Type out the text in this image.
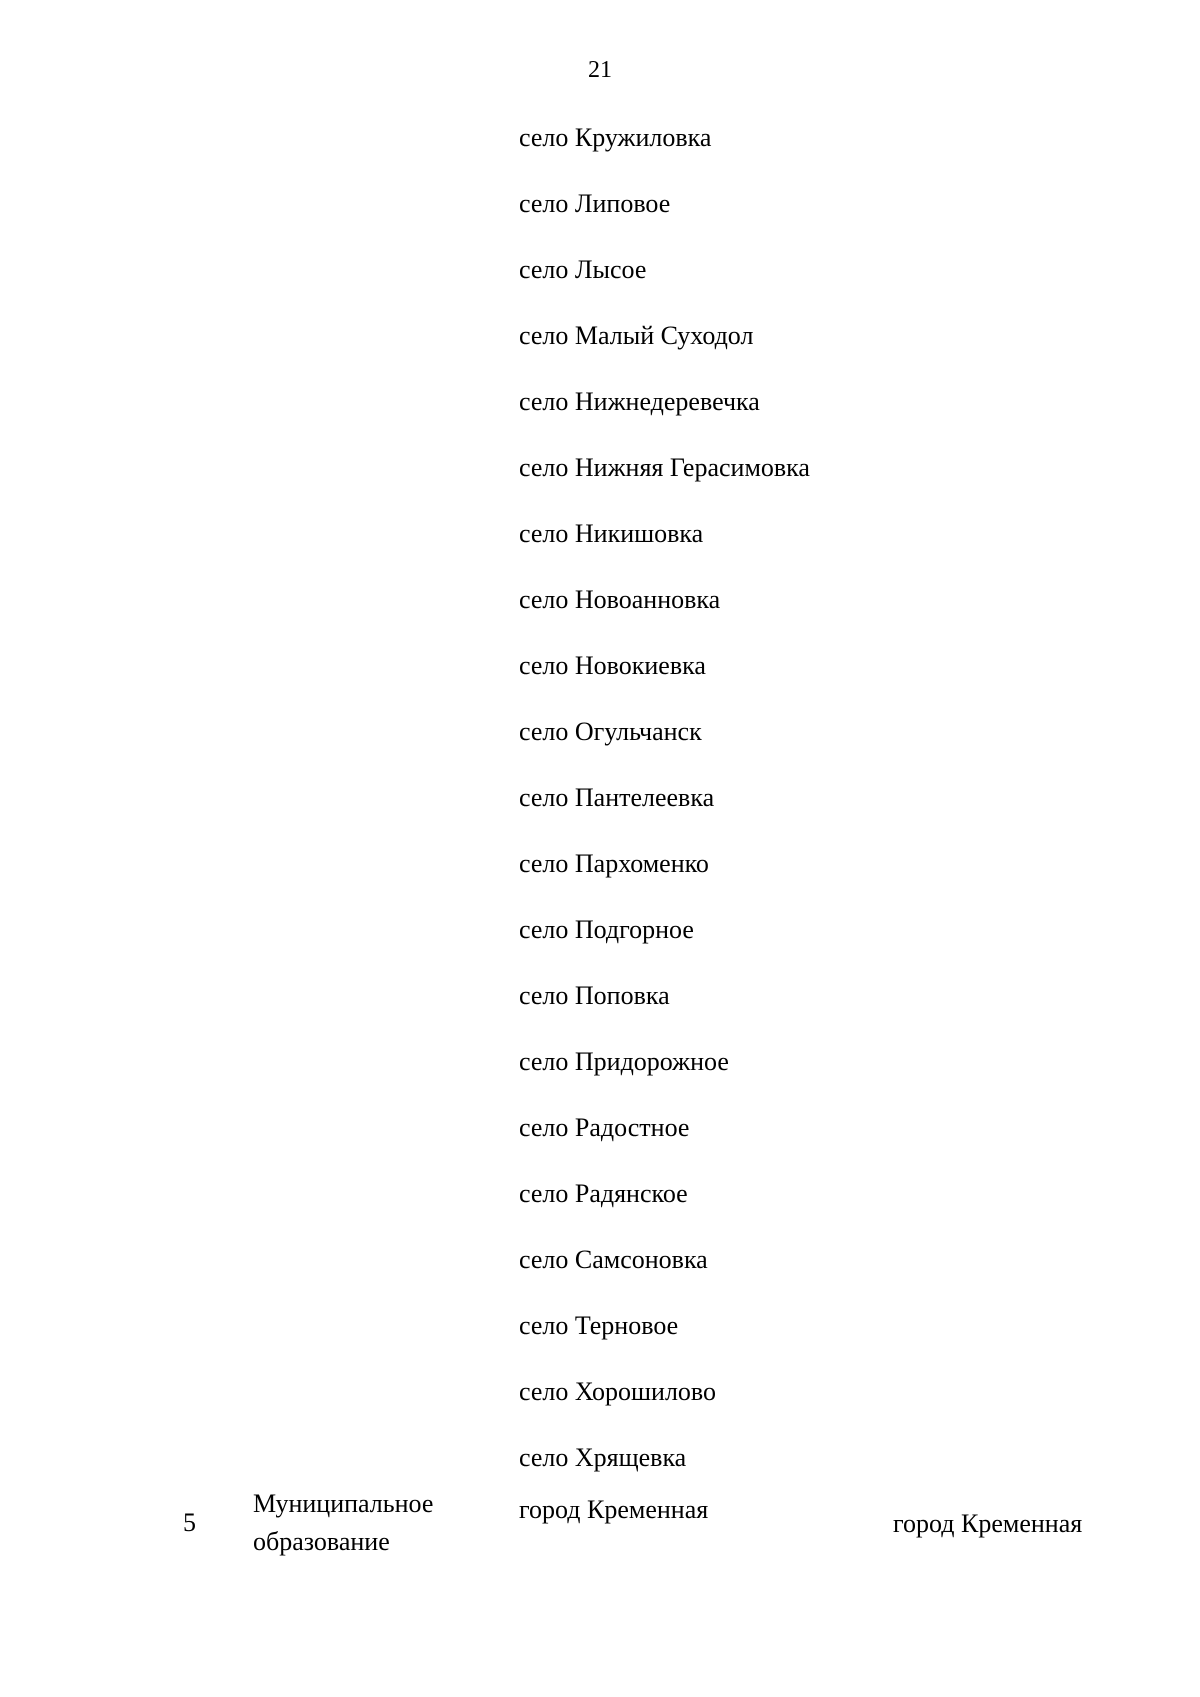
21
село Кружиловка
село Липовое
село Лысое
село Малый Суходол
село Нижнедеревечка
село Нижняя Герасимовка
село Никишовка
село Новоанновка
село Новокиевка
село Огульчанск
село Пантелеевка
село Пархоменко
село Подгорное
село Поповка
село Придорожное
село Радостное
село Радянское
село Самсоновка
село Терновое
село Хорошилово
село Хрящевка
5
Муниципальное
образование
город Кременная	город Кременная
